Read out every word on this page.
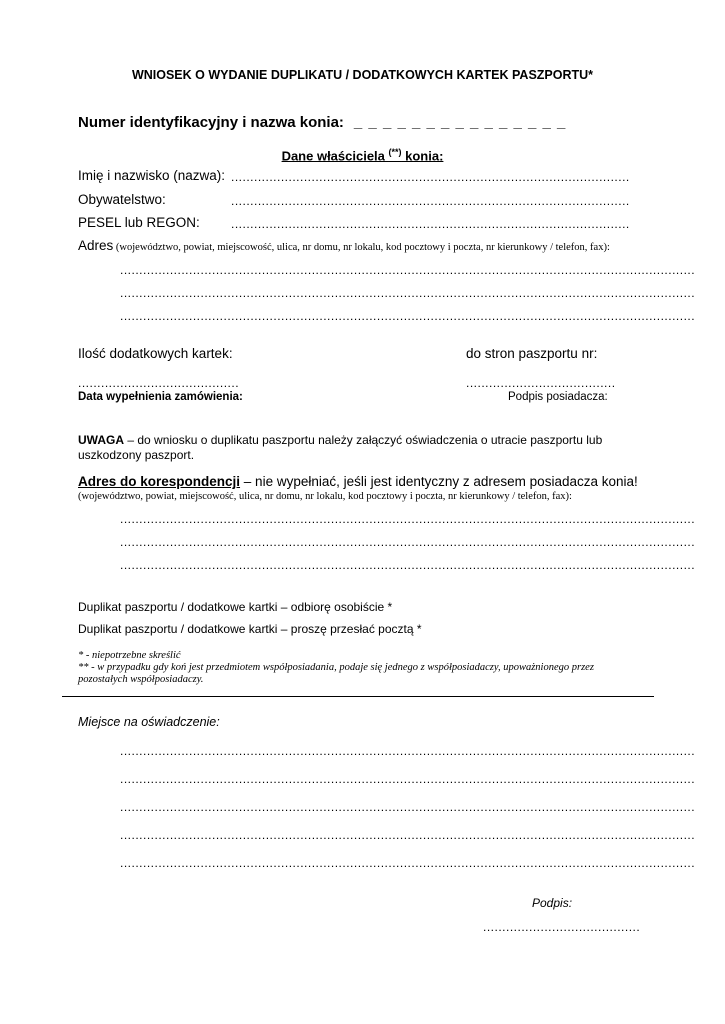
WNIOSEK O WYDANIE DUPLIKATU / DODATKOWYCH KARTEK PASZPORTU*
Numer identyfikacyjny i nazwa konia: _ _ _ _ _ _ _ _ _ _ _ _ _ _ _
Dane właściciela (**) konia:
Imię i nazwisko (nazwa): ........................................................................................................
Obywatelstwo:	........................................................................................................
PESEL lub REGON:	........................................................................................................
Adres (województwo, powiat, miejscowość, ulica, nr domu, nr lokalu, kod pocztowy i poczta, nr kierunkowy / telefon, fax):
......................................................................................................................................................
......................................................................................................................................................
......................................................................................................................................................
Ilość dodatkowych kartek:	do stron paszportu nr:
..........................................	.......................................
Data wypełnienia zamówienia:	Podpis posiadacza:
UWAGA – do wniosku o duplikatu paszportu należy załączyć oświadczenia o utracie paszportu lub uszkodzony paszport.
Adres do korespondencji – nie wypełniać, jeśli jest identyczny z adresem posiadacza konia!
(województwo, powiat, miejscowość, ulica, nr domu, nr lokalu, kod pocztowy i poczta, nr kierunkowy / telefon, fax):
......................................................................................................................................................
......................................................................................................................................................
......................................................................................................................................................
Duplikat paszportu / dodatkowe kartki – odbiorę osobiście *
Duplikat paszportu / dodatkowe kartki – proszę przesłać pocztą *
* - niepotrzebne skreślić
** - w przypadku gdy koń jest przedmiotem współposiadania, podaje się jednego z współposiadaczy, upoważnionego przez
pozostałych współposiadaczy.
Miejsce na oświadczenie:
......................................................................................................................................................
......................................................................................................................................................
......................................................................................................................................................
......................................................................................................................................................
......................................................................................................................................................
Podpis:
.........................................
